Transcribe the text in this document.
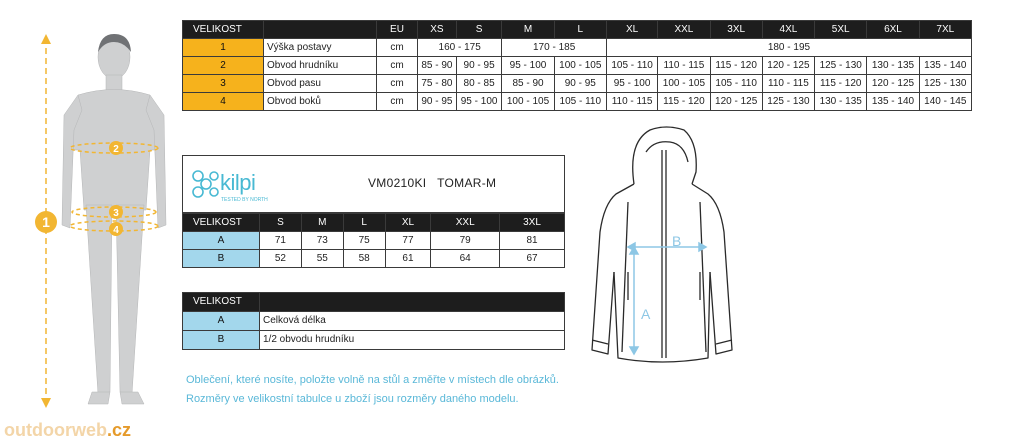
1
2
3
4
VELIKOST		EU	XS	S	M	L	XL	XXL	3XL	4XL	5XL	6XL	7XL
1	Výška postavy	cm	160 - 175		170 - 185		180 - 195						
2	Obvod hrudníku	cm	85 - 90	90 - 95	95 - 100	100 - 105	105 - 110	110 - 115	115 - 120	120 - 125	125 - 130	130 - 135	135 - 140
3	Obvod pasu	cm	75 - 80	80 - 85	85 - 90	90 - 95	95 - 100	100 - 105	105 - 110	110 - 115	115 - 120	120 - 125	125 - 130
4	Obvod boků	cm	90 - 95	95 - 100	100 - 105	105 - 110	110 - 115	115 - 120	120 - 125	125 - 130	130 - 135	135 - 140	140 - 145
kilpi
TESTED BY NORTH
VM0210KI   TOMAR-M
VELIKOST	S	M	L	XL	XXL	3XL
A	71	73	75	77	79	81
B	52	55	58	61	64	67
VELIKOST	
A	Celková délka
B	1/2 obvodu hrudníku
B
A
Oblečení, které nosíte, položte volně na stůl a změřte v místech dle obrázků.
Rozměry ve velikostní tabulce u zboží jsou rozměry daného modelu.
outdoorweb.cz
